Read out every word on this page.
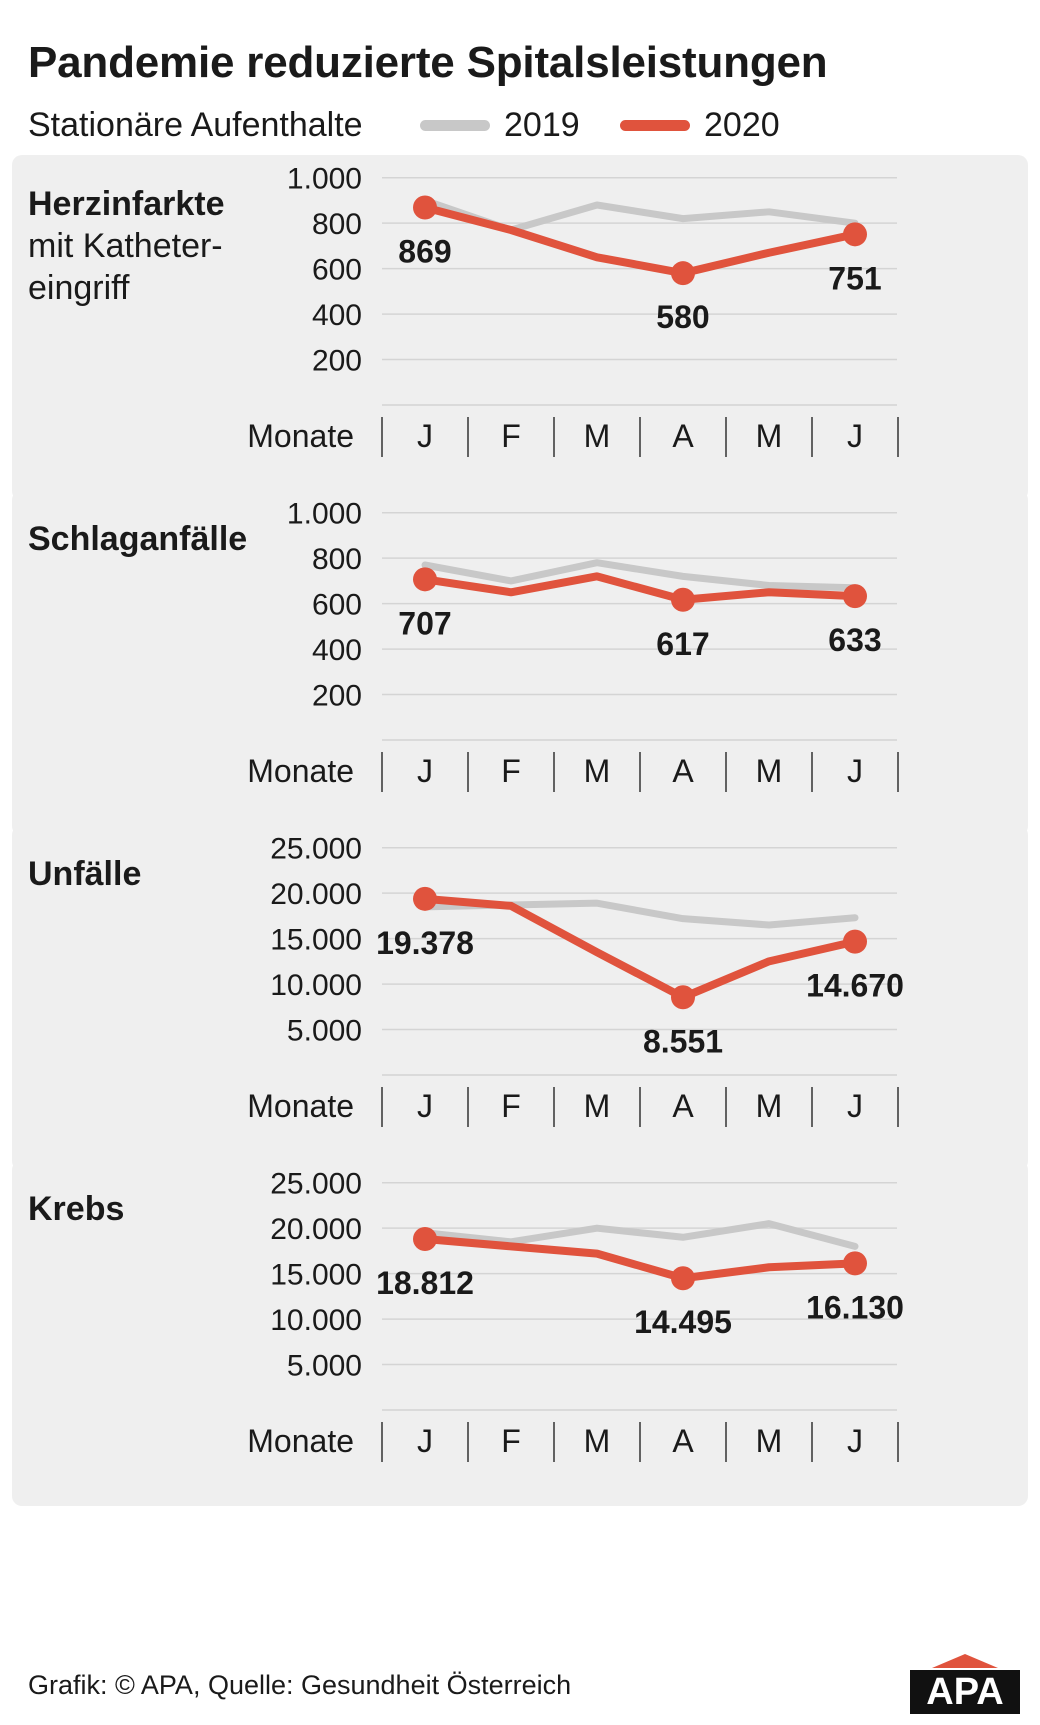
Pandemie reduzierte Spitalsleistungen
Stationäre Aufenthalte	2019	2020
Herzinfarkte
mit Katheter-
eingriff
1.000
800
600
400
200
J F M A M J
Monate
869
580
751
Schlaganfälle
1.000
800
600
400
200
J F M A M J
Monate
707
617	633
Unfälle
25.000
20.000
15.000
10.000
5.000
J F M A M J
Monate
19.378
8.551
14.670
Krebs
25.000
20.000
15.000
10.000
5.000
J F M A M J
Monate
18.812
14.495 16.130
Grafik: © APA, Quelle: Gesundheit Österreich	APA
